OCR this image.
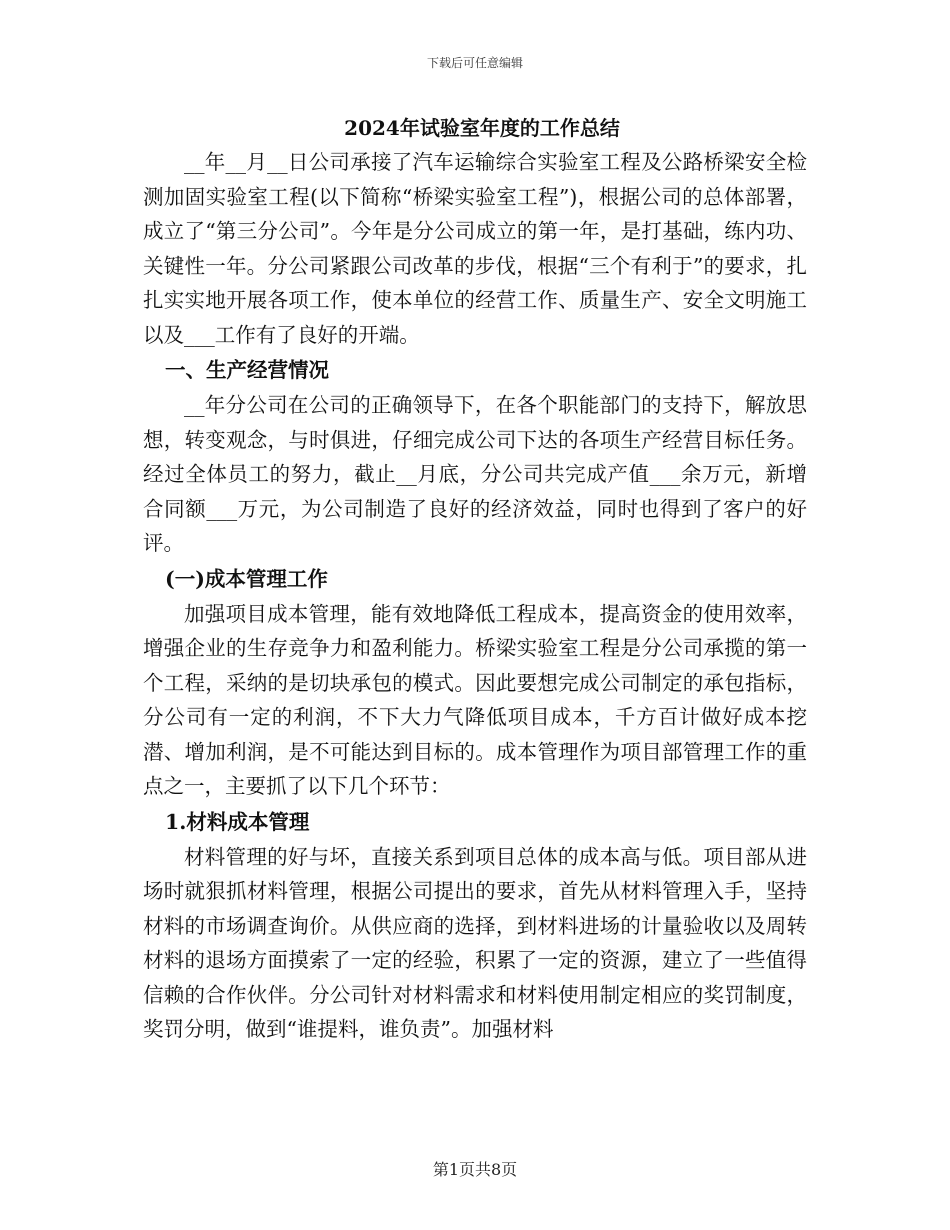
下载后可任意编辑
2024年试验室年度的工作总结

__年__月__日公司承接了汽车运输综合实验室工程及公路桥梁安全检测加固实验室工程(以下简称“桥梁实验室工程”)，根据公司的总体部署，成立了“第三分公司”。今年是分公司成立的第一年，是打基础，练内功、关键性一年。分公司紧跟公司改革的步伐，根据“三个有利于”的要求，扎扎实实地开展各项工作，使本单位的经营工作、质量生产、安全文明施工以及___工作有了良好的开端。

一、生产经营情况

__年分公司在公司的正确领导下，在各个职能部门的支持下，解放思想，转变观念，与时俱进，仔细完成公司下达的各项生产经营目标任务。经过全体员工的努力，截止__月底，分公司共完成产值___余万元，新增合同额___万元，为公司制造了良好的经济效益，同时也得到了客户的好评。

(一)成本管理工作

加强项目成本管理，能有效地降低工程成本，提高资金的使用效率，增强企业的生存竞争力和盈利能力。桥梁实验室工程是分公司承揽的第一个工程，采纳的是切块承包的模式。因此要想完成公司制定的承包指标，分公司有一定的利润，不下大力气降低项目成本，千方百计做好成本挖潜、增加利润，是不可能达到目标的。成本管理作为项目部管理工作的重点之一，主要抓了以下几个环节：

1.材料成本管理

材料管理的好与坏，直接关系到项目总体的成本高与低。项目部从进场时就狠抓材料管理，根据公司提出的要求，首先从材料管理入手，坚持材料的市场调查询价。从供应商的选择，到材料进场的计量验收以及周转材料的退场方面摸索了一定的经验，积累了一定的资源，建立了一些值得信赖的合作伙伴。分公司针对材料需求和材料使用制定相应的奖罚制度，奖罚分明，做到“谁提料，谁负责”。加强材料

第1页共8页
